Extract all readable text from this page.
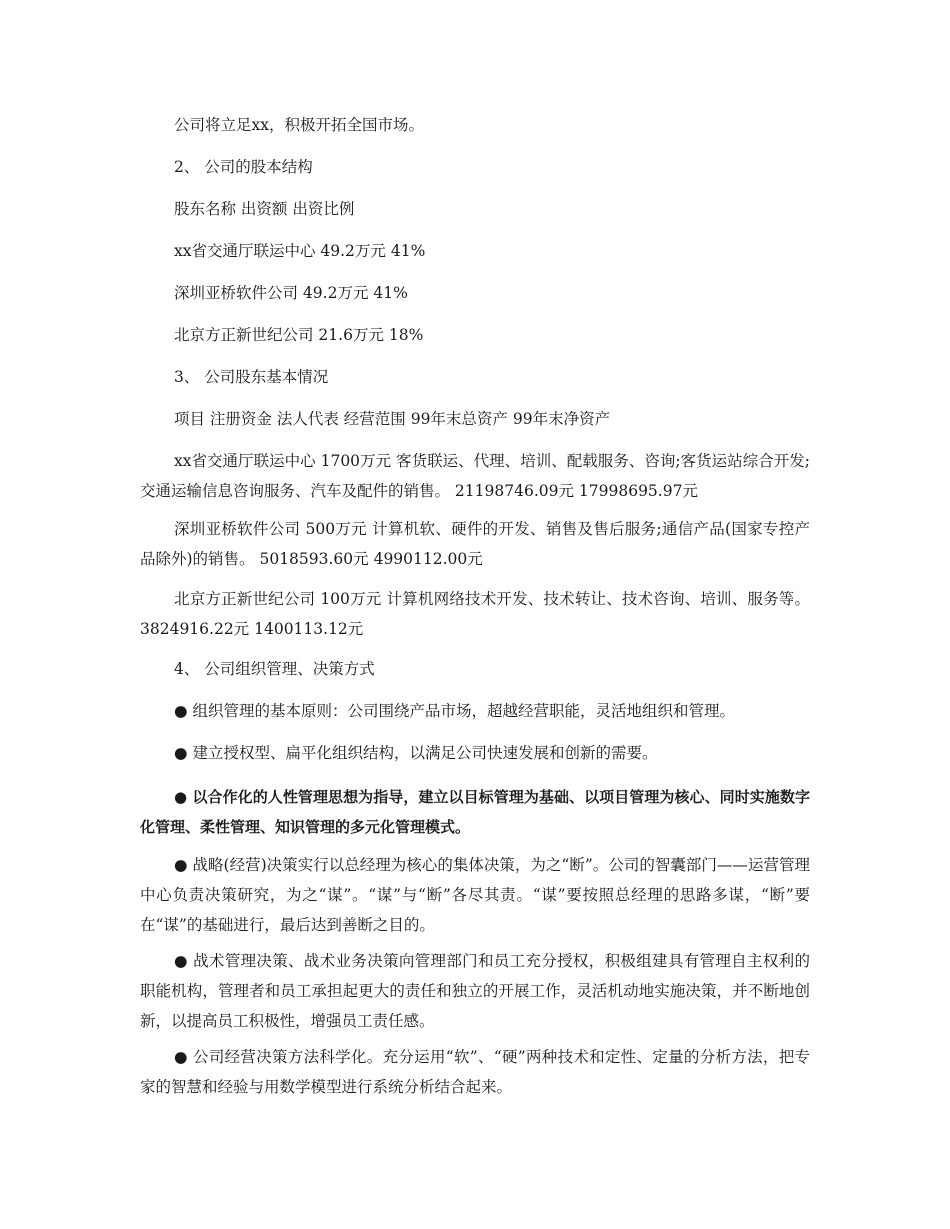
公司将立足xx，积极开拓全国市场。

2、 公司的股本结构

股东名称 出资额 出资比例

xx省交通厅联运中心 49.2万元 41%

深圳亚桥软件公司 49.2万元 41%

北京方正新世纪公司 21.6万元 18%

3、 公司股东基本情况

项目 注册资金 法人代表 经营范围 99年末总资产 99年末净资产

xx省交通厅联运中心 1700万元 客货联运、代理、培训、配载服务、咨询;客货运站综合开发;交通运输信息咨询服务、汽车及配件的销售。 21198746.09元 17998695.97元

深圳亚桥软件公司 500万元 计算机软、硬件的开发、销售及售后服务;通信产品(国家专控产品除外)的销售。 5018593.60元 4990112.00元

北京方正新世纪公司 100万元 计算机网络技术开发、技术转让、技术咨询、培训、服务等。 3824916.22元 1400113.12元

4、 公司组织管理、决策方式

● 组织管理的基本原则：公司围绕产品市场，超越经营职能，灵活地组织和管理。

● 建立授权型、扁平化组织结构，以满足公司快速发展和创新的需要。

● 以合作化的人性管理思想为指导，建立以目标管理为基础、以项目管理为核心、同时实施数字化管理、柔性管理、知识管理的多元化管理模式。

● 战略(经营)决策实行以总经理为核心的集体决策，为之“断”。公司的智囊部门——运营管理中心负责决策研究，为之“谋”。“谋”与“断”各尽其责。“谋”要按照总经理的思路多谋，“断”要在“谋”的基础进行，最后达到善断之目的。

● 战术管理决策、战术业务决策向管理部门和员工充分授权，积极组建具有管理自主权利的职能机构，管理者和员工承担起更大的责任和独立的开展工作，灵活机动地实施决策，并不断地创新，以提高员工积极性，增强员工责任感。

● 公司经营决策方法科学化。充分运用“软”、“硬”两种技术和定性、定量的分析方法，把专家的智慧和经验与用数学模型进行系统分析结合起来。
